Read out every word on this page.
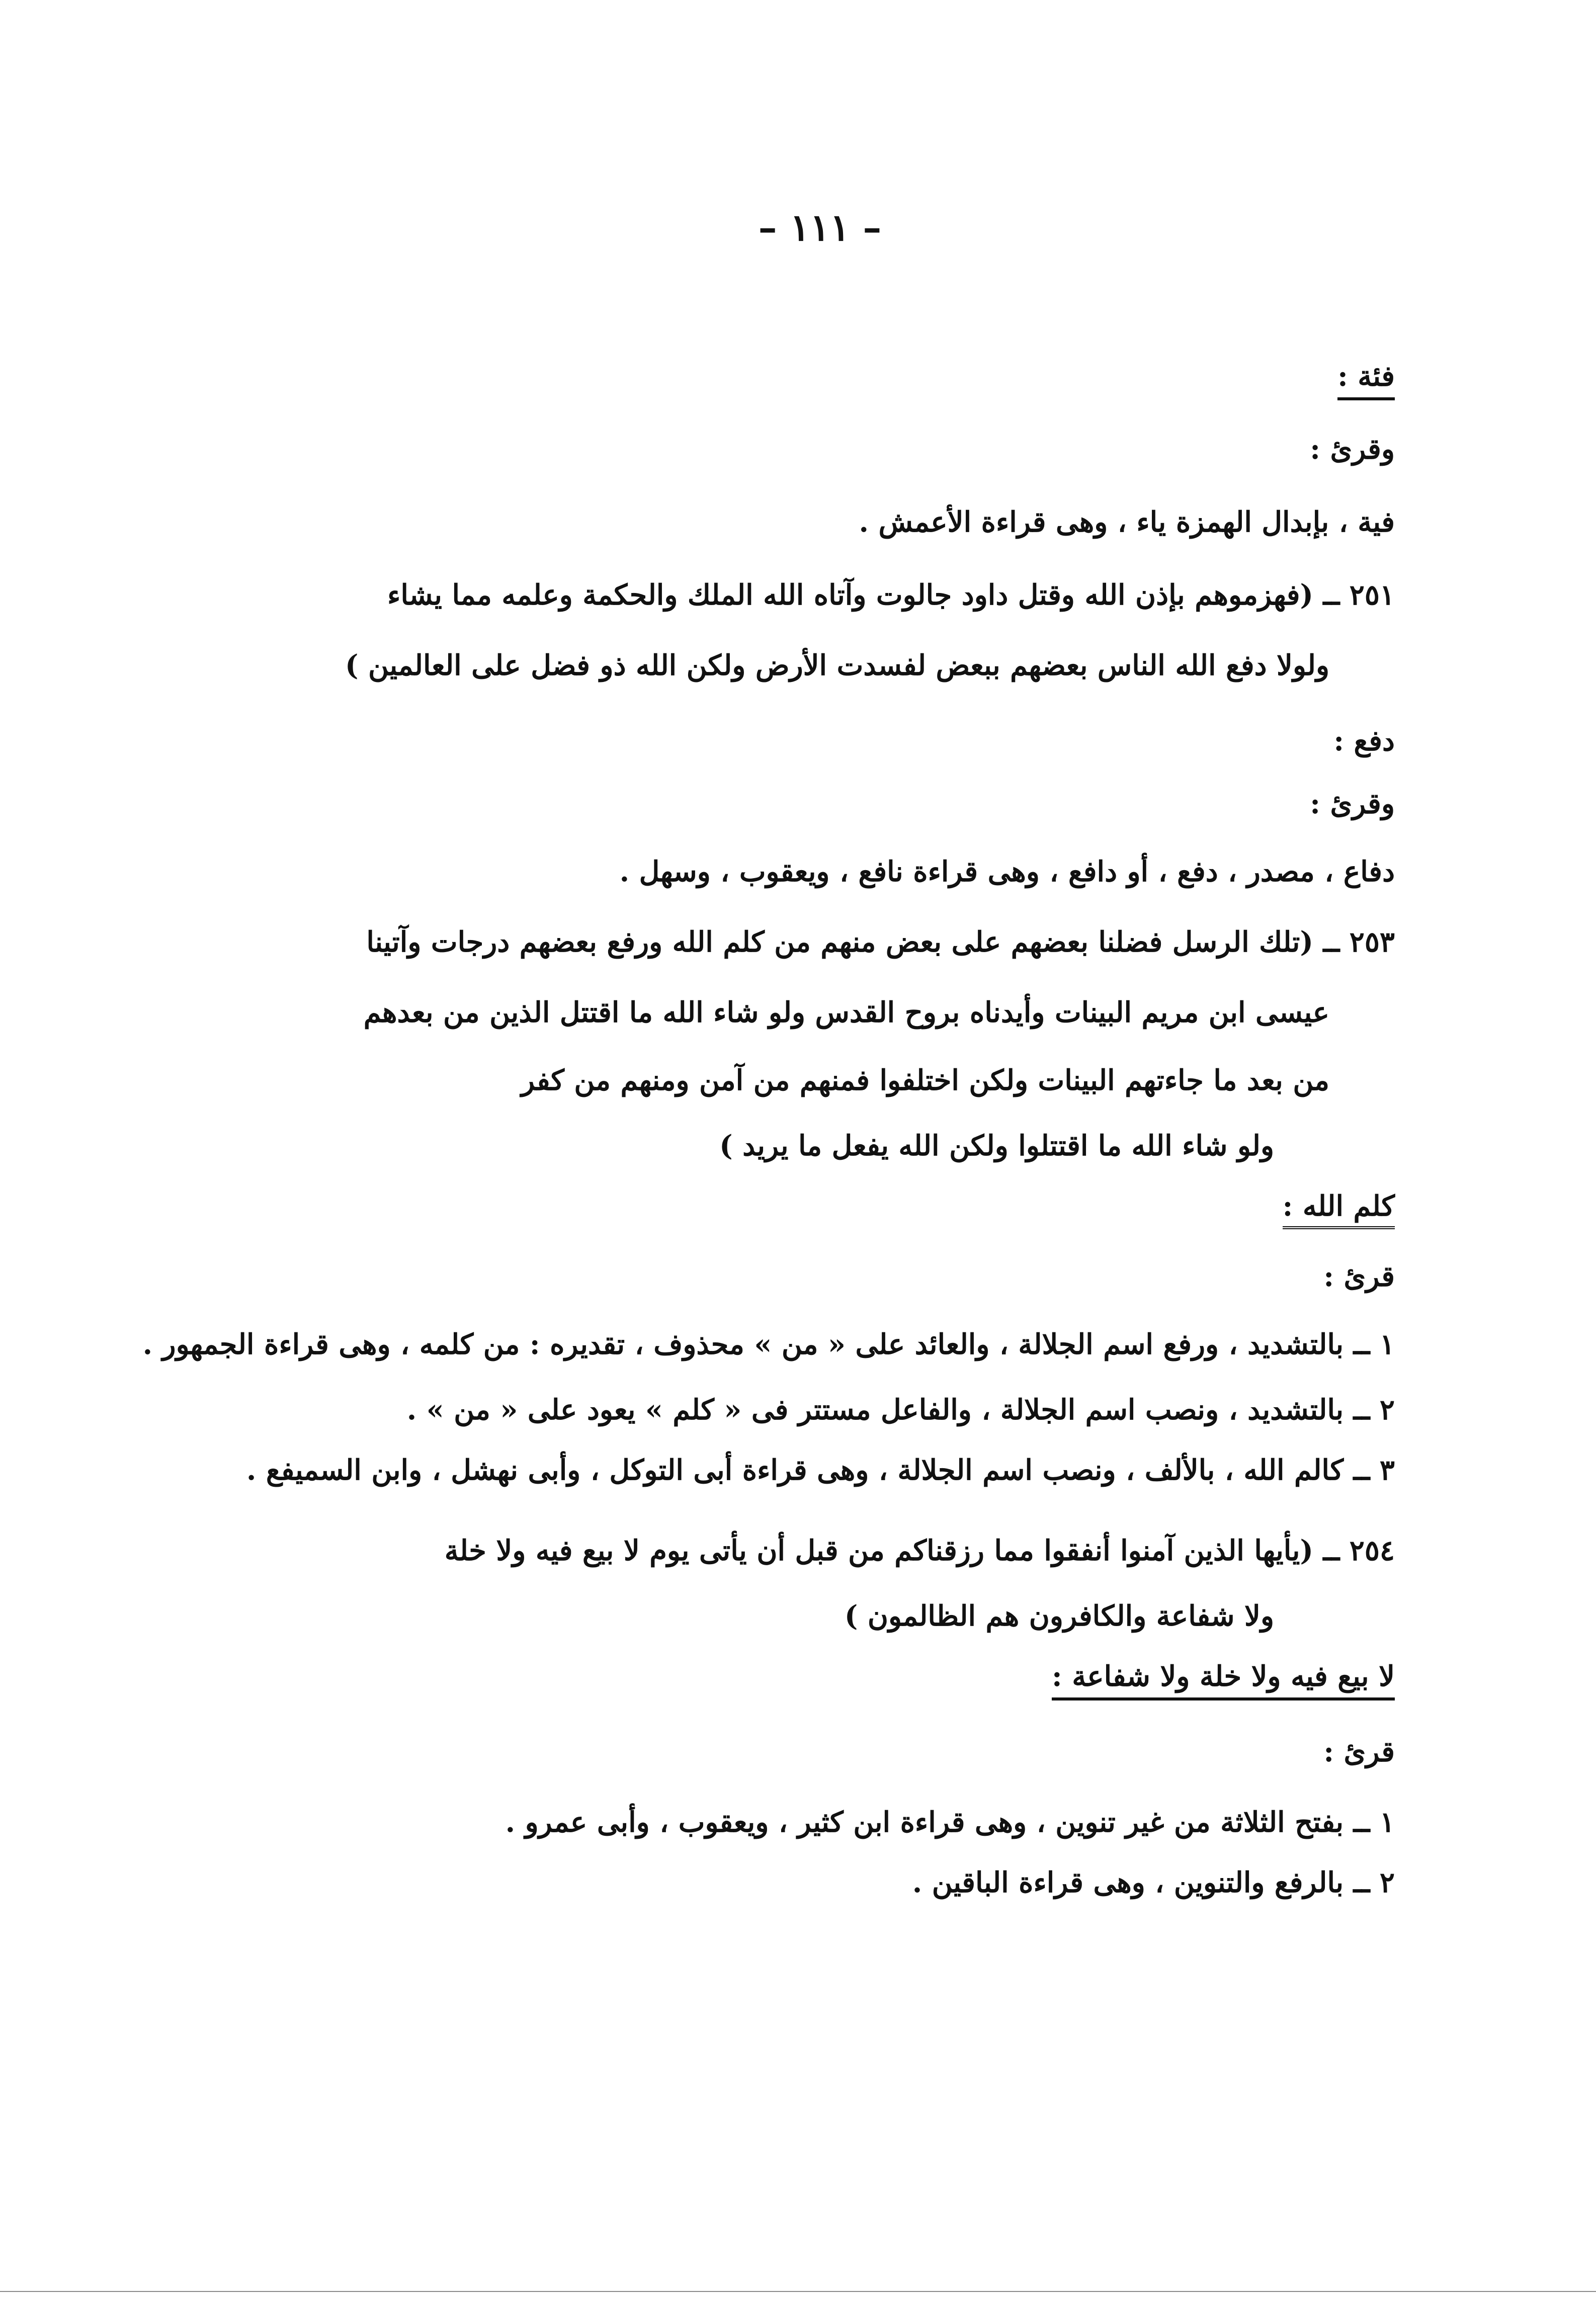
– ١١١ –
فئة :
وقرئ :
فية ، بإبدال الهمزة ياء ، وهى قراءة الأعمش .
٢٥١ ــ (فهزموهم بإذن الله وقتل داود جالوت وآتاه الله الملك والحكمة وعلمه مما يشاء
ولولا دفع الله الناس بعضهم ببعض لفسدت الأرض ولكن الله ذو فضل على العالمين )
دفع :
وقرئ :
دفاع ، مصدر ، دفع ، أو دافع ، وهى قراءة نافع ، ويعقوب ، وسهل .
٢٥٣ ــ (تلك الرسل فضلنا بعضهم على بعض منهم من كلم الله ورفع بعضهم درجات وآتينا
عيسى ابن مريم البينات وأيدناه بروح القدس ولو شاء الله ما اقتتل الذين من بعدهم
من بعد ما جاءتهم البينات ولكن اختلفوا فمنهم من آمن ومنهم من كفر
ولو شاء الله ما اقتتلوا ولكن الله يفعل ما يريد )
كلم الله :
قرئ :
١ ــ بالتشديد ، ورفع اسم الجلالة ، والعائد على « من » محذوف ، تقديره : من كلمه ، وهى قراءة الجمهور .
٢ ــ بالتشديد ، ونصب اسم الجلالة ، والفاعل مستتر فى « كلم » يعود على « من » .
٣ ــ كالم الله ، بالألف ، ونصب اسم الجلالة ، وهى قراءة أبى التوكل ، وأبى نهشل ، وابن السميفع .
٢٥٤ ــ (يأيها الذين آمنوا أنفقوا مما رزقناكم من قبل أن يأتى يوم لا بيع فيه ولا خلة
ولا شفاعة والكافرون هم الظالمون )
لا بيع فيه ولا خلة ولا شفاعة :
قرئ :
١ ــ بفتح الثلاثة من غير تنوين ، وهى قراءة ابن كثير ، ويعقوب ، وأبى عمرو .
٢ ــ بالرفع والتنوين ، وهى قراءة الباقين .
